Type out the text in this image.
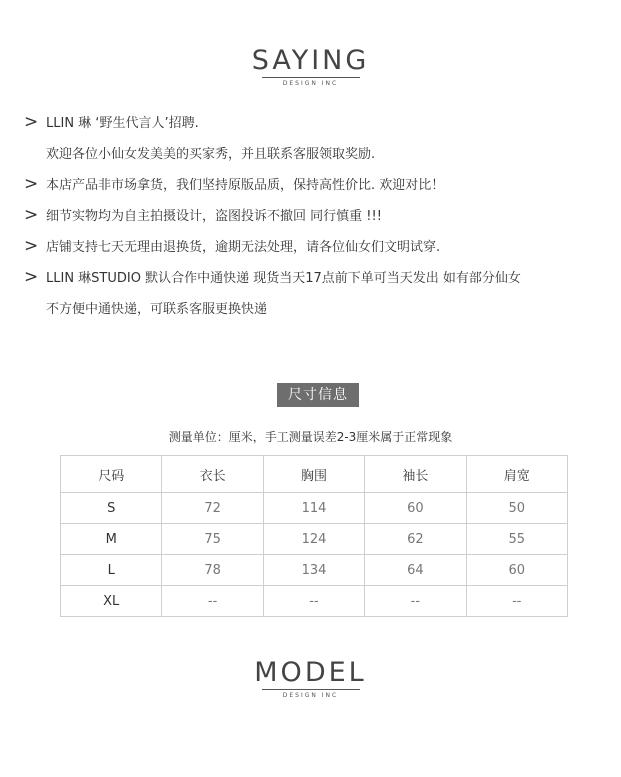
SAYING
DESIGN INC
> LLIN 琳 ‘野生代言人’招聘.
欢迎各位小仙女发美美的买家秀，并且联系客服领取奖励.
> 本店产品非市场拿货，我们坚持原版品质，保持高性价比. 欢迎对比！
> 细节实物均为自主拍摄设计，盗图投诉不撤回 同行慎重 !!!
> 店铺支持七天无理由退换货，逾期无法处理，请各位仙女们文明试穿.
> LLIN 琳STUDIO 默认合作中通快递 现货当天17点前下单可当天发出 如有部分仙女
不方便中通快递，可联系客服更换快递
尺寸信息
测量单位：厘米，手工测量误差2-3厘米属于正常现象
尺码	衣长	胸围	袖长	肩宽
S	72	114	60	50
M	75	124	62	55
L	78	134	64	60
XL	--	--	--	--
MODEL
DESIGN INC
